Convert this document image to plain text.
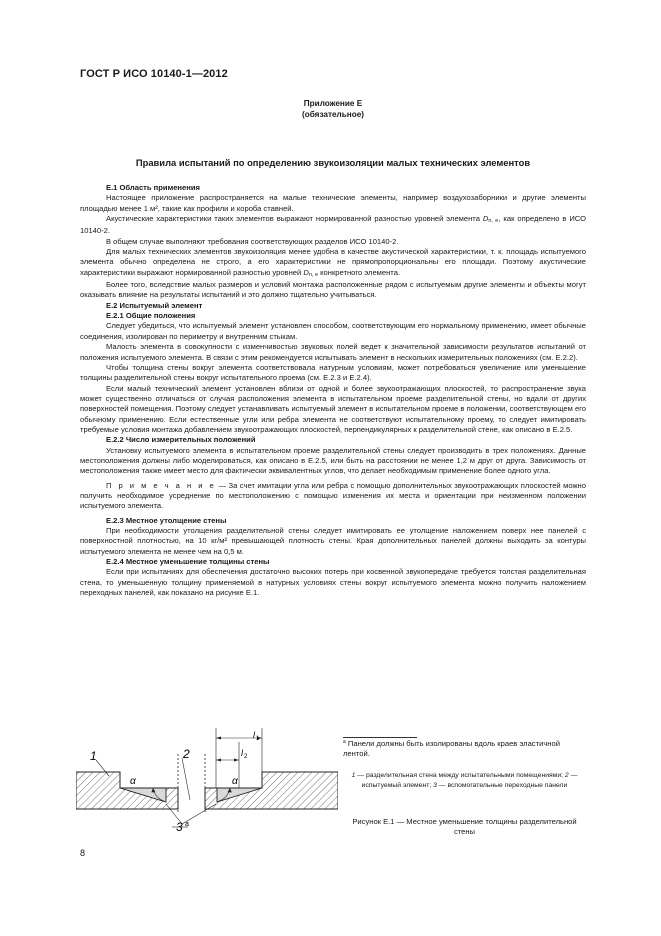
ГОСТ Р ИСО 10140-1—2012
Приложение Е
(обязательное)
Правила испытаний по определению звукоизоляции малых технических элементов

Е.1 Область применения

Настоящее приложение распространяется на малые технические элементы, например воздухозаборники и другие элементы площадью менее 1 м², такие как профили и короба ставней.

Акустические характеристики таких элементов выражают нормированной разностью уровней элемента Dn, e, как определено в ИСО 10140-2.

В общем случае выполняют требования соответствующих разделов ИСО 10140-2.

Для малых технических элементов звукоизоляция менее удобна в качестве акустической характеристики, т. к. площадь испытуемого элемента обычно определена не строго, а его характеристики не прямопропорциональны его площади. Поэтому акустические характеристики выражают нормированной разностью уровней Dn, e конкретного элемента.

Более того, вследствие малых размеров и условий монтажа расположенные рядом с испытуемым другие элементы и объекты могут оказывать влияние на результаты испытаний и это должно тщательно учитываться.

Е.2 Испытуемый элемент

Е.2.1 Общие положения

Следует убедиться, что испытуемый элемент установлен способом, соответствующим его нормальному применению, имеет обычные соединения, изолирован по периметру и внутренним стыкам.

Малость элемента в совокупности с изменчивостью звуковых полей ведет к значительной зависимости результатов испытаний от положения испытуемого элемента. В связи с этим рекомендуется испытывать элемент в нескольких измерительных положениях (см. Е.2.2).

Чтобы толщина стены вокруг элемента соответствовала натурным условиям, может потребоваться увеличение или уменьшение толщины разделительной стены вокруг испытательного проема (см. Е.2.3 и Е.2.4).

Если малый технический элемент установлен вблизи от одной и более звукоотражающих плоскостей, то распространение звука может существенно отличаться от случая расположения элемента в испытательном проеме разделительной стены, но вдали от других поверхностей помещения. Поэтому следует устанавливать испытуемый элемент в испытательном проеме в положении, соответствующем его обычному применению. Если естественные угли или ребра элемента не соответствуют испытательному проему, то следует имитировать требуемые условия монтажа добавлением звукоотражающих плоскостей, перпендикулярных к разделительной стене, как описано в Е.2.5.

Е.2.2 Число измерительных положений

Установку испытуемого элемента в испытательном проеме разделительной стены следует производить в трех положениях. Данные местоположения должны либо моделироваться, как описано в Е.2.5, или быть на расстоянии не менее 1,2 м друг от друга. Зависимость от местоположения также имеет место для фактически эквивалентных углов, что делает необходимым применение более одного угла.

П р и м е ч а н и е — За счет имитации угла или ребра с помощью дополнительных звукоотражающих плоскостей можно получить необходимое усреднение по местоположению с помощью изменения их места и ориентации при неизменном положении испытуемого элемента.

Е.2.3 Местное утолщение стены

При необходимости утолщения разделительной стены следует имитировать ее утолщение наложением поверх нее панелей с поверхностной плотностью, на 10 кг/м² превышающей плотность стены. Края дополнительных панелей должны выходить за контуры испытуемого элемента не менее чем на 0,5 м.

Е.2.4 Местное уменьшение толщины стены

Если при испытаниях для обеспечения достаточно высоких потерь при косвенной звукопередаче требуется толстая разделительная стена, то уменьшенную толщину применяемой в натурных условиях стены вокруг испытуемого элемента можно получить наложением переходных панелей, как показано на рисунке Е.1.

1	2
3 a
α	α
l 1
l 2
$^a$ Панели должны быть изолированы вдоль краев эластичной лентой.
1 — разделительная стена между испытательными помещениями; 2 — испытуемый элемент; 3 — вспомогательные переходные панели
Рисунок Е.1 — Местное уменьшение толщины разделительной стены
8
